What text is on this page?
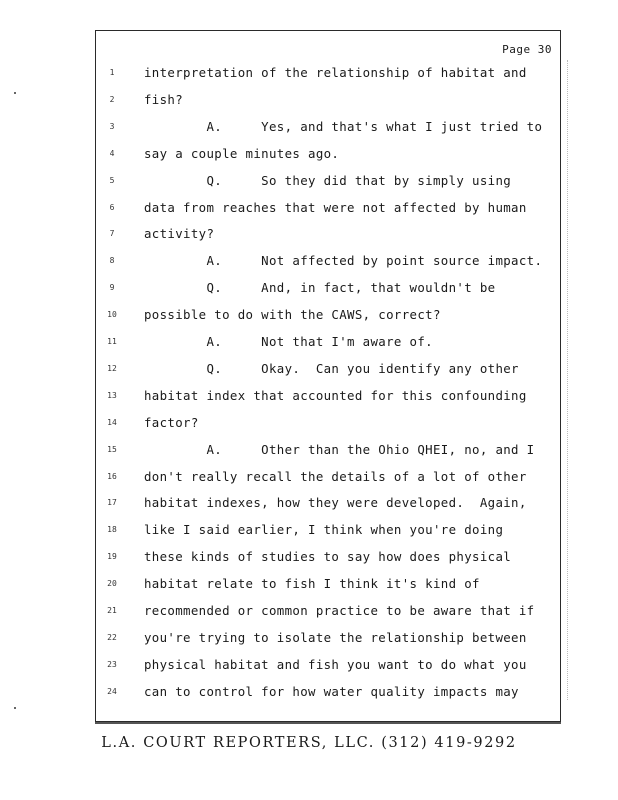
Page 30
1	interpretation of the relationship of habitat and
2	fish?
3	A.     Yes, and that's what I just tried to
4	say a couple minutes ago.
5	Q.     So they did that by simply using
6	data from reaches that were not affected by human
7	activity?
8	A.     Not affected by point source impact.
9	Q.     And, in fact, that wouldn't be
10	possible to do with the CAWS, correct?
11	A.     Not that I'm aware of.
12	Q.     Okay.  Can you identify any other
13	habitat index that accounted for this confounding
14	factor?
15	A.     Other than the Ohio QHEI, no, and I
16	don't really recall the details of a lot of other
17	habitat indexes, how they were developed.  Again,
18	like I said earlier, I think when you're doing
19	these kinds of studies to say how does physical
20	habitat relate to fish I think it's kind of
21	recommended or common practice to be aware that if
22	you're trying to isolate the relationship between
23	physical habitat and fish you want to do what you
24	can to control for how water quality impacts may
L.A. COURT REPORTERS, LLC. (312) 419-9292
